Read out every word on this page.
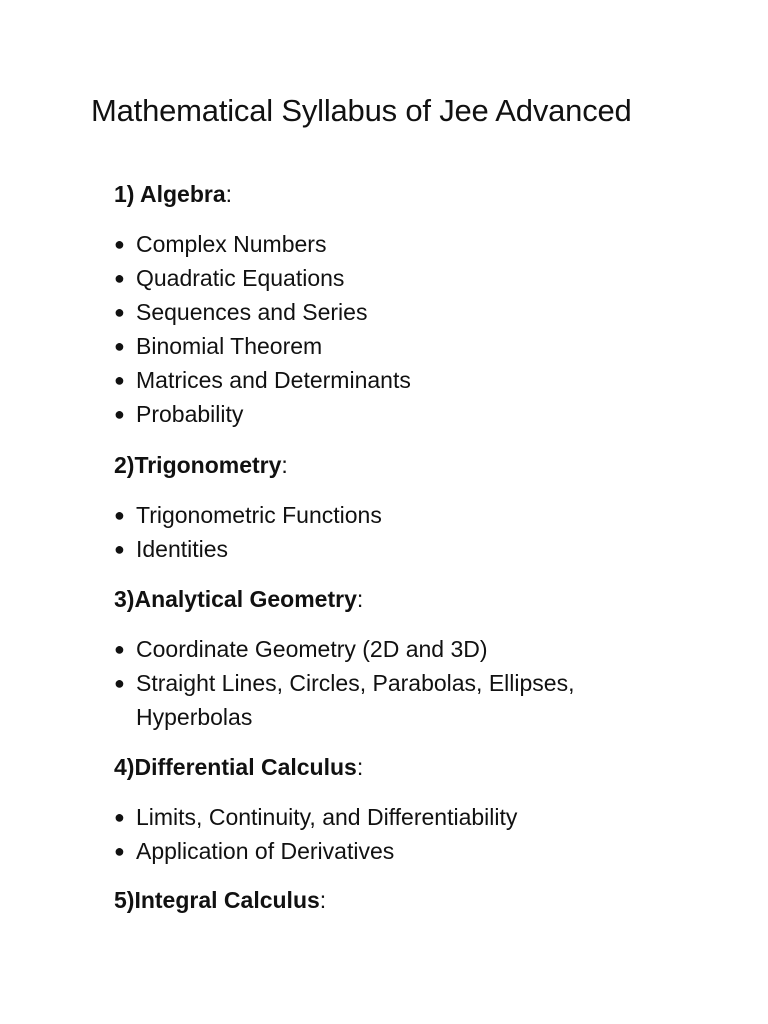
Mathematical Syllabus of Jee Advanced

1) Algebra:

● Complex Numbers
● Quadratic Equations
● Sequences and Series
● Binomial Theorem
● Matrices and Determinants
● Probability

2)Trigonometry:

● Trigonometric Functions
● Identities

3)Analytical Geometry:

● Coordinate Geometry (2D and 3D)
● Straight Lines, Circles, Parabolas, Ellipses, Hyperbolas

4)Differential Calculus:

● Limits, Continuity, and Differentiability
● Application of Derivatives

5)Integral Calculus:
